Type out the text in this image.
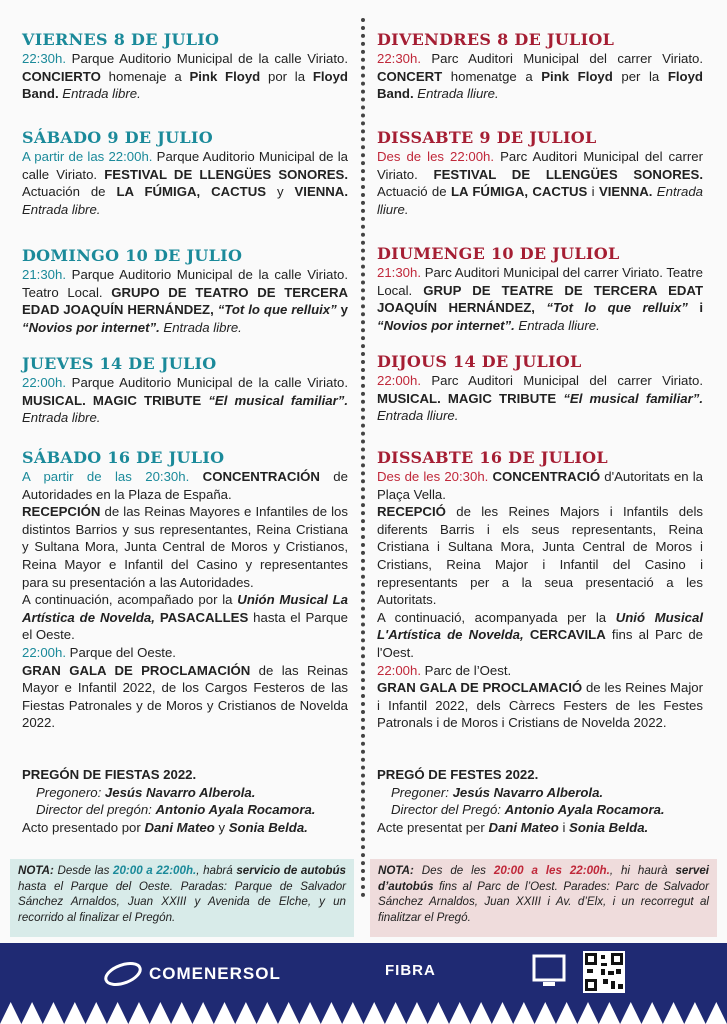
VIERNES 8 DE JULIO

22:30h. Parque Auditorio Municipal de la calle Viriato. CONCIERTO homenaje a Pink Floyd por la Floyd Band. Entrada libre.

SÁBADO 9 DE JULIO

A partir de las 22:00h. Parque Auditorio Municipal de la calle Viriato. FESTIVAL DE LLENGÜES SONORES. Actuación de LA FÚMIGA, CACTUS y VIENNA. Entrada libre.

DOMINGO 10 DE JULIO

21:30h. Parque Auditorio Municipal de la calle Viriato. Teatro Local. GRUPO DE TEATRO DE TERCERA EDAD JOAQUÍN HERNÁNDEZ, “Tot lo que relluix” y “Novios por internet”. Entrada libre.

JUEVES 14 DE JULIO

22:00h. Parque Auditorio Municipal de la calle Viriato. MUSICAL. MAGIC TRIBUTE “El musical familiar”. Entrada libre.

SÁBADO 16 DE JULIO

A partir de las 20:30h. CONCENTRACIÓN de Autoridades en la Plaza de España.

RECEPCIÓN de las Reinas Mayores e Infantiles de los distintos Barrios y sus representantes, Reina Cristiana y Sultana Mora, Junta Central de Moros y Cristianos, Reina Mayor e Infantil del Casino y representantes para su presentación a las Autoridades.

A continuación, acompañado por la Unión Musical La Artística de Novelda, PASACALLES hasta el Parque el Oeste.

22:00h. Parque del Oeste.

GRAN GALA DE PROCLAMACIÓN de las Reinas Mayor e Infantil 2022, de los Cargos Festeros de las Fiestas Patronales y de Moros y Cristianos de Novelda 2022.

PREGÓN DE FIESTAS 2022.

Pregonero: Jesús Navarro Alberola.

Director del pregón: Antonio Ayala Rocamora.

Acto presentado por Dani Mateo y Sonia Belda.

DIVENDRES 8 DE JULIOL

22:30h. Parc Auditori Municipal del carrer Viriato. CONCERT homenatge a Pink Floyd per la Floyd Band. Entrada lliure.

DISSABTE 9 DE JULIOL

Des de les 22:00h. Parc Auditori Municipal del carrer Viriato. FESTIVAL DE LLENGÜES SONORES. Actuació de LA FÚMIGA, CACTUS i VIENNA. Entrada lliure.

DIUMENGE 10 DE JULIOL

21:30h. Parc Auditori Municipal del carrer Viriato. Teatre Local. GRUP DE TEATRE DE TERCERA EDAT JOAQUÍN HERNÁNDEZ, “Tot lo que relluix” i “Novios por internet”. Entrada lliure.

DIJOUS 14 DE JULIOL

22:00h. Parc Auditori Municipal del carrer Viriato. MUSICAL. MAGIC TRIBUTE “El musical familiar”. Entrada lliure.

DISSABTE 16 DE JULIOL

Des de les 20:30h. CONCENTRACIÓ d'Autoritats en la Plaça Vella.

RECEPCIÓ de les Reines Majors i Infantils dels diferents Barris i els seus representants, Reina Cristiana i Sultana Mora, Junta Central de Moros i Cristians, Reina Major i Infantil del Casino i representants per a la seua presentació a les Autoritats.

A continuació, acompanyada per la Unió Musical L'Artística de Novelda, CERCAVILA fins al Parc de l'Oest.

22:00h. Parc de l’Oest.

GRAN GALA DE PROCLAMACIÓ de les Reines Major i Infantil 2022, dels Càrrecs Festers de les Festes Patronals i de Moros i Cristians de Novelda 2022.

PREGÓ DE FESTES 2022.

Pregoner: Jesús Navarro Alberola.

Director del Pregó: Antonio Ayala Rocamora.

Acte presentat per Dani Mateo i Sonia Belda.

NOTA: Desde las 20:00 a 22:00h., habrá servicio de autobús hasta el Parque del Oeste. Paradas: Parque de Salvador Sánchez Arnaldos, Juan XXIII y Avenida de Elche, y un recorrido al finalizar el Pregón.
NOTA: Des de les 20:00 a les 22:00h., hi haurà servei d’autobús fins al Parc de l’Oest. Parades: Parc de Salvador Sánchez Arnaldos, Juan XXIII i Av. d’Elx, i un recorregut al finalitzar el Pregó.
COMENERSOL	FIBRA
